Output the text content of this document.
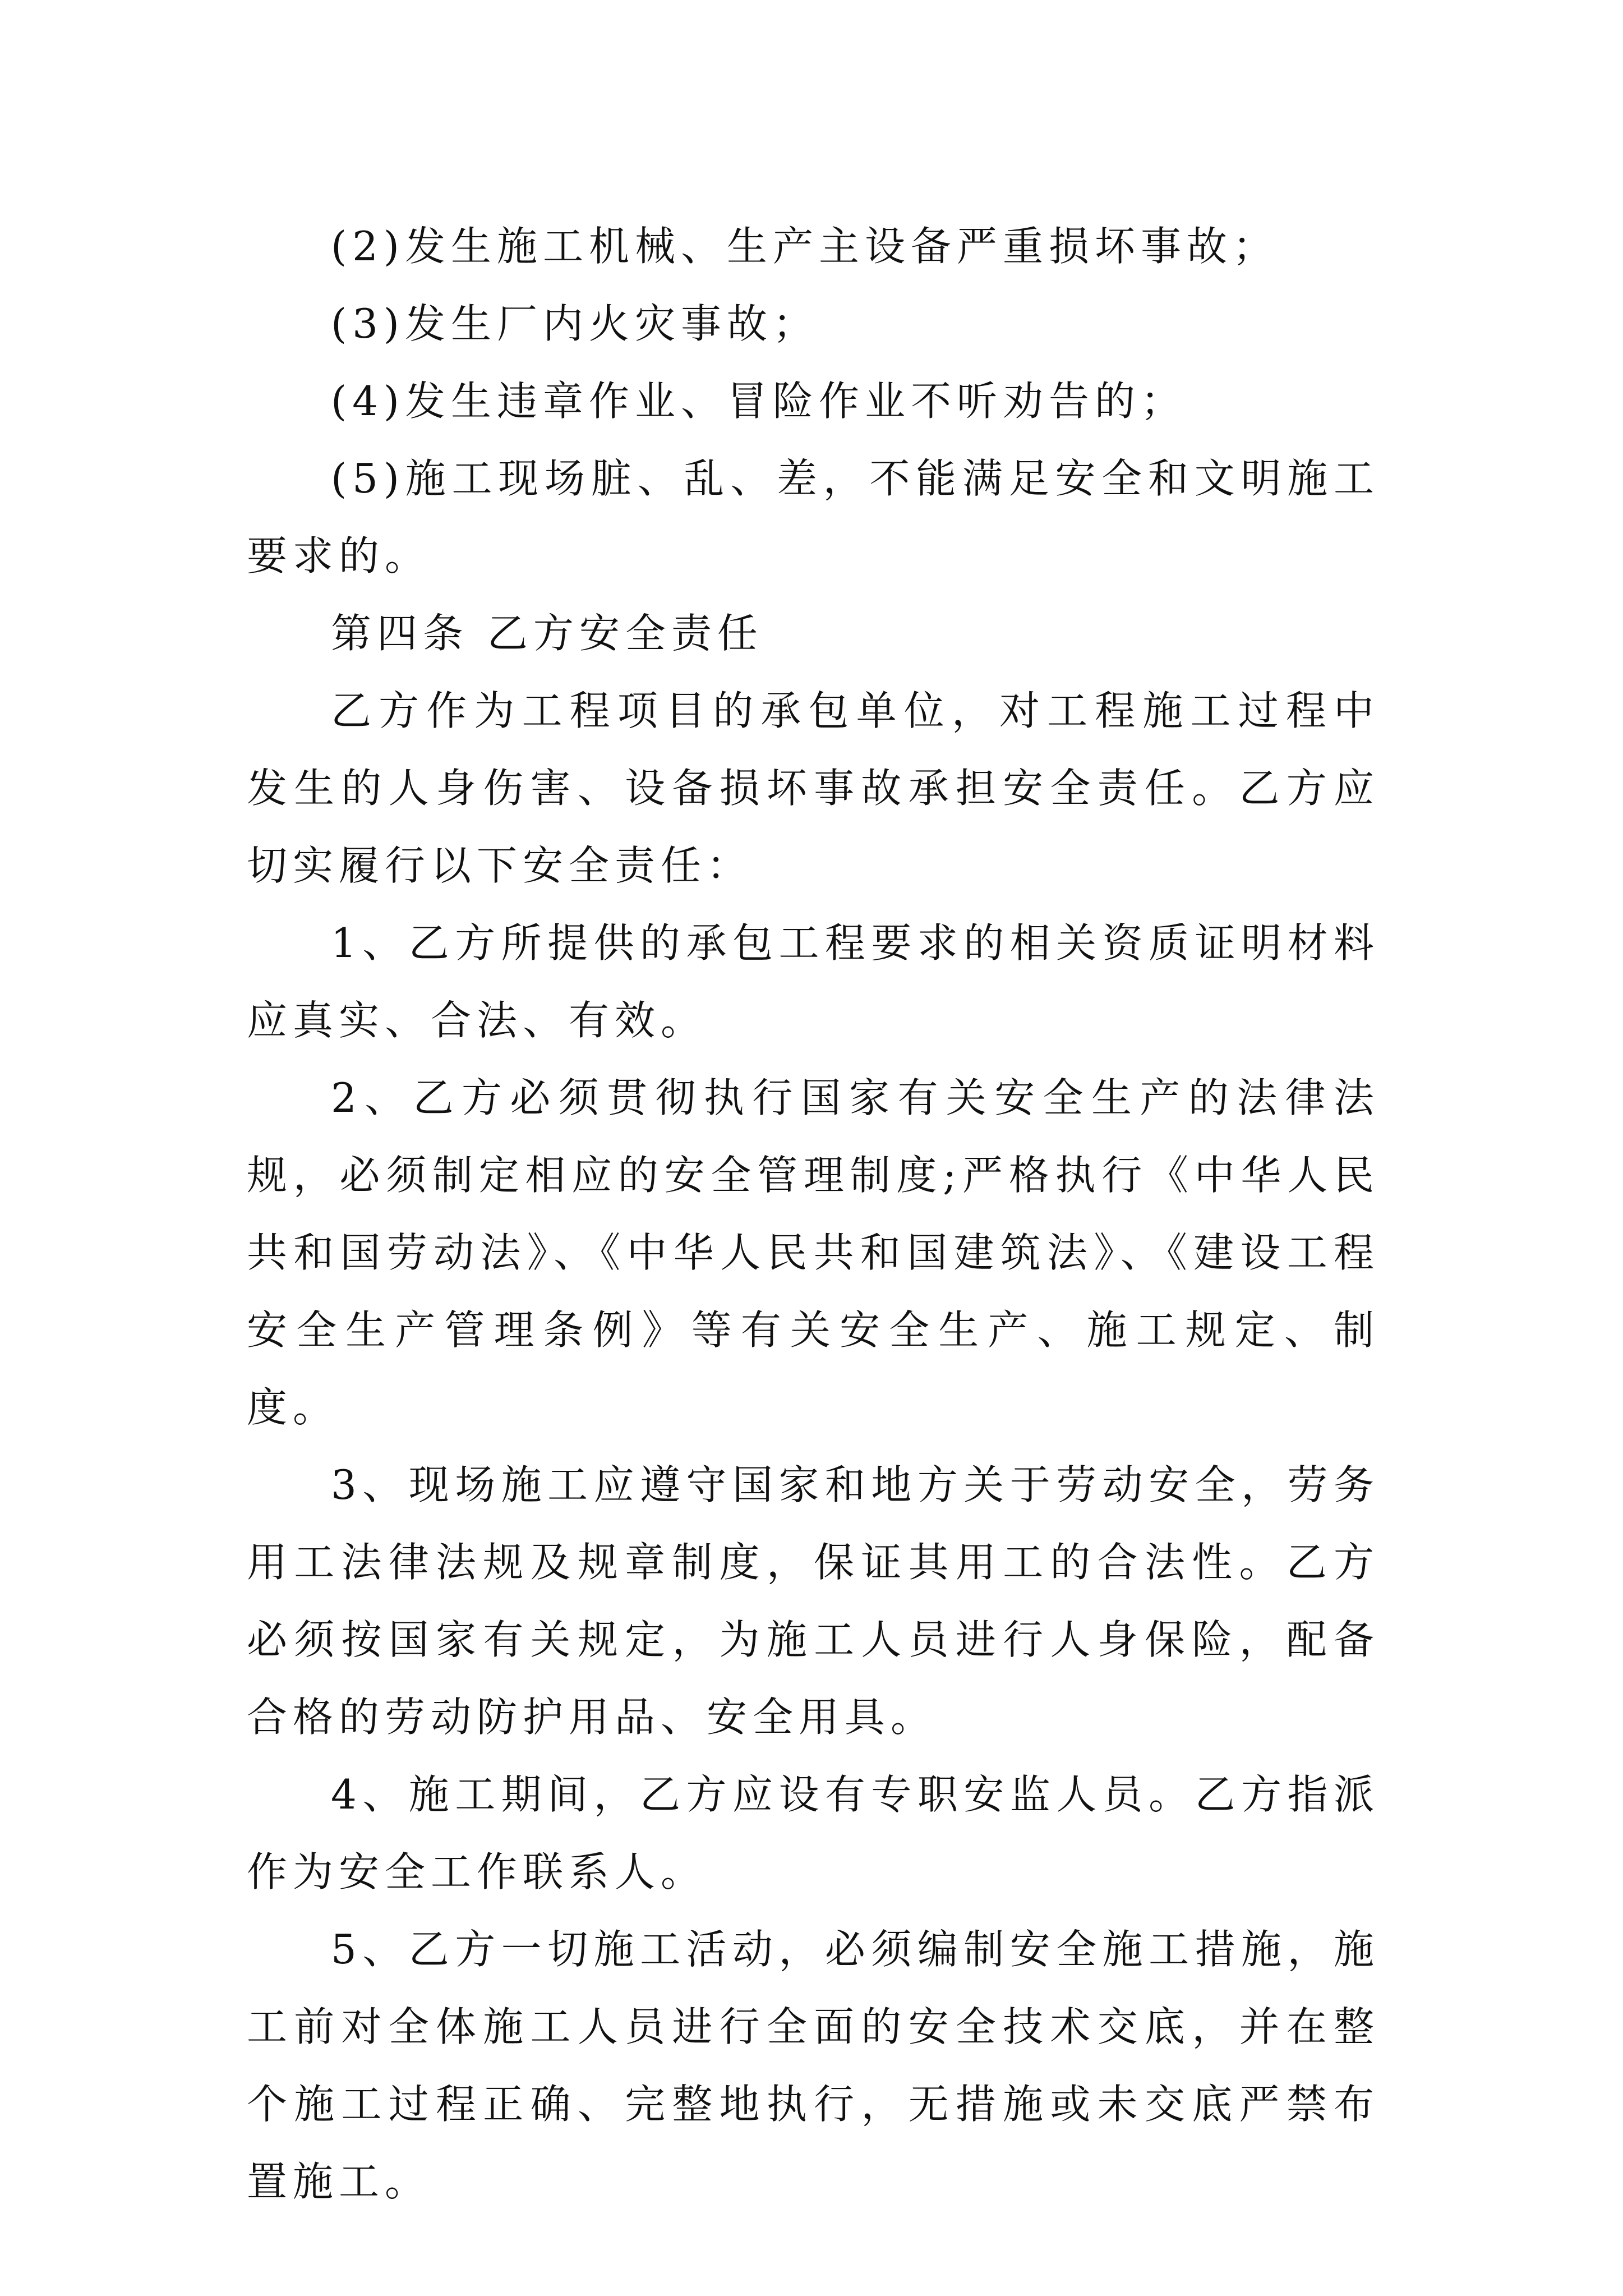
(2)发生施工机械、生产主设备严重损坏事故；

(3)发生厂内火灾事故；

(4)发生违章作业、冒险作业不听劝告的；

(5)施工现场脏、乱、差，不能满足安全和文明施工要求的。

第四条 乙方安全责任

乙方作为工程项目的承包单位，对工程施工过程中发生的人身伤害、设备损坏事故承担安全责任。乙方应切实履行以下安全责任：

1、乙方所提供的承包工程要求的相关资质证明材料应真实、合法、有效。

2、乙方必须贯彻执行国家有关安全生产的法律法规，必须制定相应的安全管理制度;严格执行《中华人民共和国劳动法》、《中华人民共和国建筑法》、《建设工程安全生产管理条例》等有关安全生产、施工规定、制度。

3、现场施工应遵守国家和地方关于劳动安全，劳务用工法律法规及规章制度，保证其用工的合法性。乙方必须按国家有关规定，为施工人员进行人身保险，配备合格的劳动防护用品、安全用具。

4、施工期间，乙方应设有专职安监人员。乙方指派 作为安全工作联系人。

5、乙方一切施工活动，必须编制安全施工措施，施工前对全体施工人员进行全面的安全技术交底，并在整个施工过程正确、完整地执行，无措施或未交底严禁布置施工。
